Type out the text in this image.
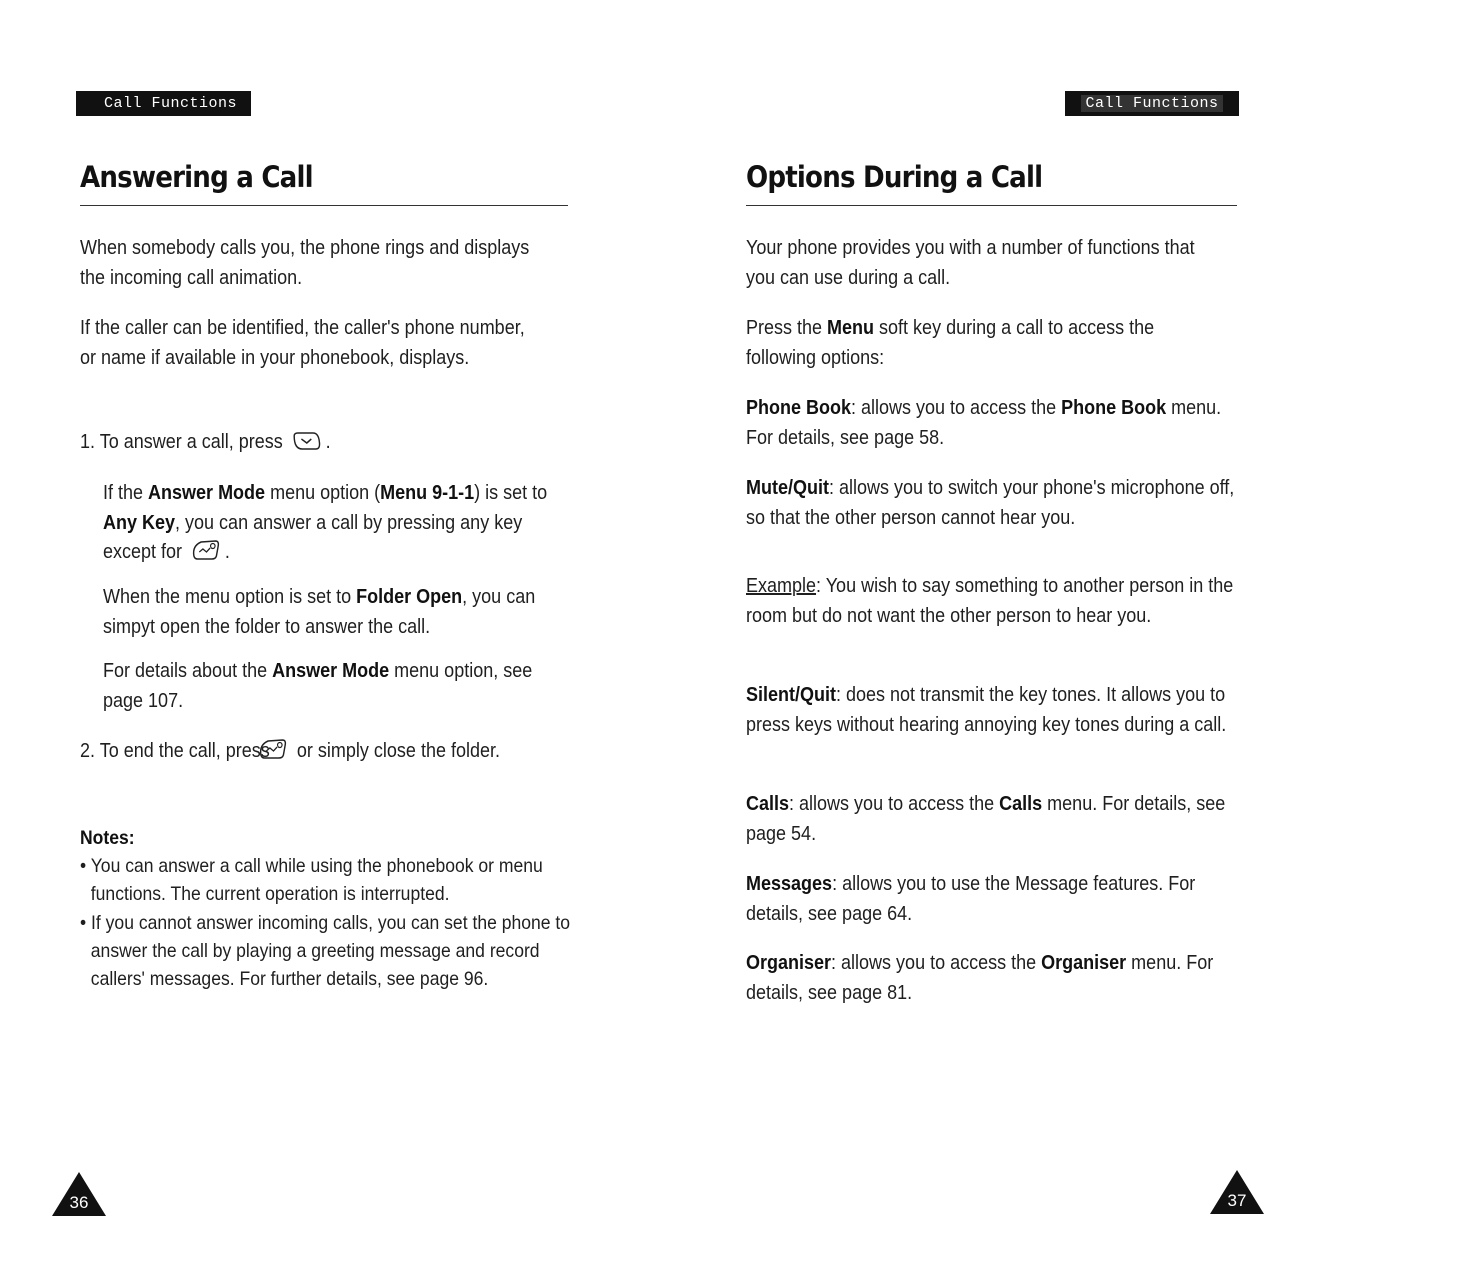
Call Functions
Answering a Call

When somebody calls you, the phone rings and displays the incoming call animation.

If the caller can be identified, the caller's phone number, or name if available in your phonebook, displays.

1. To answer a call, press .

If the Answer Mode menu option (Menu 9-1-1) is set to Any Key, you can answer a call by pressing any key except for .

When the menu option is set to Folder Open, you can simpyt open the folder to answer the call.

For details about the Answer Mode menu option, see page 107.

2. To end the call, press or simply close the folder.

Notes:

• You can answer a call while using the phonebook or menu functions. The current operation is interrupted.

• If you cannot answer incoming calls, you can set the phone to answer the call by playing a greeting message and record callers' messages. For further details, see page 96.

36
Call Functions
Options During a Call

Your phone provides you with a number of functions that you can use during a call.

Press the Menu soft key during a call to access the following options:

Phone Book: allows you to access the Phone Book menu. For details, see page 58.

Mute/Quit: allows you to switch your phone's microphone off, so that the other person cannot hear you.

Example: You wish to say something to another person in the room but do not want the other person to hear you.

Silent/Quit: does not transmit the key tones. It allows you to press keys without hearing annoying key tones during a call.

Calls: allows you to access the Calls menu. For details, see page 54.

Messages: allows you to use the Message features. For details, see page 64.

Organiser: allows you to access the Organiser menu. For details, see page 81.

37
